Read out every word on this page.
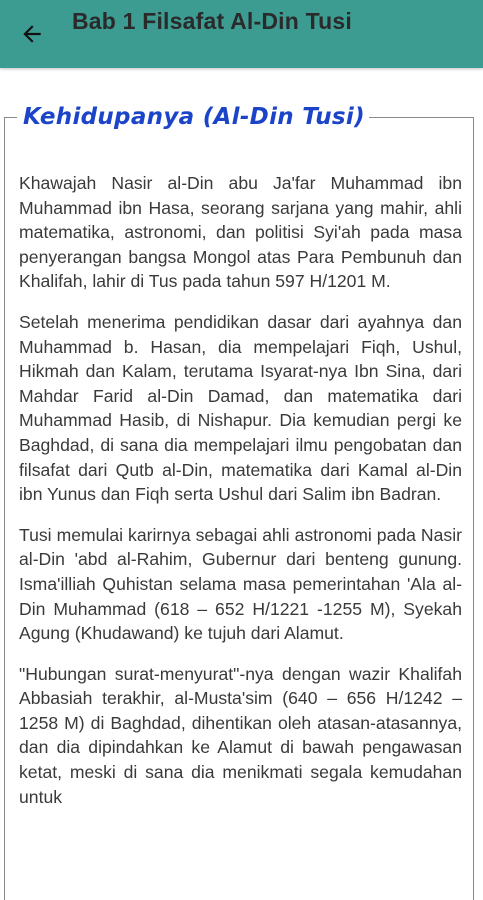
Bab 1 Filsafat Al-Din Tusi
Kehidupanya (Al-Din Tusi)

Khawajah Nasir al-Din abu Ja'far Muhammad ibn Muhammad ibn Hasa, seorang sarjana yang mahir, ahli matematika, astronomi, dan politisi Syi'ah pada masa penyerangan bangsa Mongol atas Para Pembunuh dan Khalifah, lahir di Tus pada tahun 597 H/1201 M.

Setelah menerima pendidikan dasar dari ayahnya dan Muhammad b. Hasan, dia mempelajari Fiqh, Ushul, Hikmah dan Kalam, terutama Isyarat-nya Ibn Sina, dari Mahdar Farid al-Din Damad, dan matematika dari Muhammad Hasib, di Nishapur. Dia kemudian pergi ke Baghdad, di sana dia mempelajari ilmu pengobatan dan filsafat dari Qutb al-Din, matematika dari Kamal al-Din ibn Yunus dan Fiqh serta Ushul dari Salim ibn Badran.

Tusi memulai karirnya sebagai ahli astronomi pada Nasir al-Din 'abd al-Rahim, Gubernur dari benteng gunung. Isma'illiah Quhistan selama masa pemerintahan 'Ala al-Din Muhammad (618 – 652 H/1221 -1255 M), Syekah Agung (Khudawand) ke tujuh dari Alamut.

"Hubungan surat-menyurat"-nya dengan wazir Khalifah Abbasiah terakhir, al-Musta'sim (640 – 656 H/1242 – 1258 M) di Baghdad, dihentikan oleh atasan-atasannya, dan dia dipindahkan ke Alamut di bawah pengawasan ketat, meski di sana dia menikmati segala kemudahan untuk
